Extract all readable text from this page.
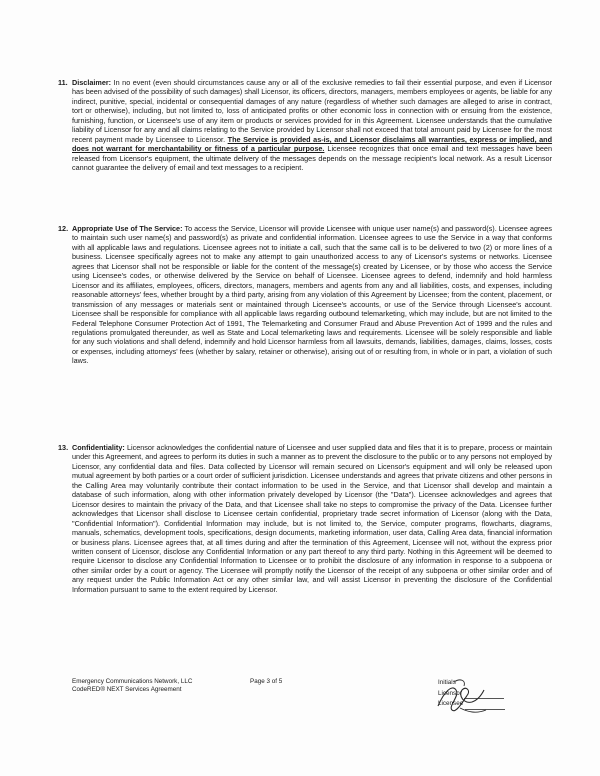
11. Disclaimer: In no event (even should circumstances cause any or all of the exclusive remedies to fail their essential purpose, and even if Licensor has been advised of the possibility of such damages) shall Licensor, its officers, directors, managers, members employees or agents, be liable for any indirect, punitive, special, incidental or consequential damages of any nature (regardless of whether such damages are alleged to arise in contract, tort or otherwise), including, but not limited to, loss of anticipated profits or other economic loss in connection with or ensuing from the existence, furnishing, function, or Licensee's use of any item or products or services provided for in this Agreement. Licensee understands that the cumulative liability of Licensor for any and all claims relating to the Service provided by Licensor shall not exceed that total amount paid by Licensee for the most recent payment made by Licensee to Licensor. The Service is provided as-is, and Licensor disclaims all warranties, express or implied, and does not warrant for merchantability or fitness of a particular purpose. Licensee recognizes that once email and text messages have been released from Licensor's equipment, the ultimate delivery of the messages depends on the message recipient's local network. As a result Licensor cannot guarantee the delivery of email and text messages to a recipient.
12. Appropriate Use of The Service: To access the Service, Licensor will provide Licensee with unique user name(s) and password(s). Licensee agrees to maintain such user name(s) and password(s) as private and confidential information. Licensee agrees to use the Service in a way that conforms with all applicable laws and regulations. Licensee agrees not to initiate a call, such that the same call is to be delivered to two (2) or more lines of a business. Licensee specifically agrees not to make any attempt to gain unauthorized access to any of Licensor's systems or networks. Licensee agrees that Licensor shall not be responsible or liable for the content of the message(s) created by Licensee, or by those who access the Service using Licensee's codes, or otherwise delivered by the Service on behalf of Licensee. Licensee agrees to defend, indemnify and hold harmless Licensor and its affiliates, employees, officers, directors, managers, members and agents from any and all liabilities, costs, and expenses, including reasonable attorneys' fees, whether brought by a third party, arising from any violation of this Agreement by Licensee; from the content, placement, or transmission of any messages or materials sent or maintained through Licensee's accounts, or use of the Service through Licensee's account. Licensee shall be responsible for compliance with all applicable laws regarding outbound telemarketing, which may include, but are not limited to the Federal Telephone Consumer Protection Act of 1991, The Telemarketing and Consumer Fraud and Abuse Prevention Act of 1999 and the rules and regulations promulgated thereunder, as well as State and Local telemarketing laws and requirements. Licensee will be solely responsible and liable for any such violations and shall defend, indemnify and hold Licensor harmless from all lawsuits, demands, liabilities, damages, claims, losses, costs or expenses, including attorneys' fees (whether by salary, retainer or otherwise), arising out of or resulting from, in whole or in part, a violation of such laws.
13. Confidentiality: Licensor acknowledges the confidential nature of Licensee and user supplied data and files that it is to prepare, process or maintain under this Agreement, and agrees to perform its duties in such a manner as to prevent the disclosure to the public or to any persons not employed by Licensor, any confidential data and files. Data collected by Licensor will remain secured on Licensor's equipment and will only be released upon mutual agreement by both parties or a court order of sufficient jurisdiction. Licensee understands and agrees that private citizens and other persons in the Calling Area may voluntarily contribute their contact information to be used in the Service, and that Licensor shall develop and maintain a database of such information, along with other information privately developed by Licensor (the "Data"). Licensee acknowledges and agrees that Licensor desires to maintain the privacy of the Data, and that Licensee shall take no steps to compromise the privacy of the Data. Licensee further acknowledges that Licensor shall disclose to Licensee certain confidential, proprietary trade secret information of Licensor (along with the Data, "Confidential Information"). Confidential Information may include, but is not limited to, the Service, computer programs, flowcharts, diagrams, manuals, schematics, development tools, specifications, design documents, marketing information, user data, Calling Area data, financial information or business plans. Licensee agrees that, at all times during and after the termination of this Agreement, Licensee will not, without the express prior written consent of Licensor, disclose any Confidential Information or any part thereof to any third party. Nothing in this Agreement will be deemed to require Licensor to disclose any Confidential Information to Licensee or to prohibit the disclosure of any information in response to a subpoena or other similar order by a court or agency. The Licensee will promptly notify the Licensor of the receipt of any subpoena or other similar order and of any request under the Public Information Act or any other similar law, and will assist Licensor in preventing the disclosure of the Confidential Information pursuant to same to the extent required by Licensor.
Emergency Communications Network, LLC
CodeRED® NEXT Services Agreement
Page 3 of 5	Initials
Licensor
Licensee
